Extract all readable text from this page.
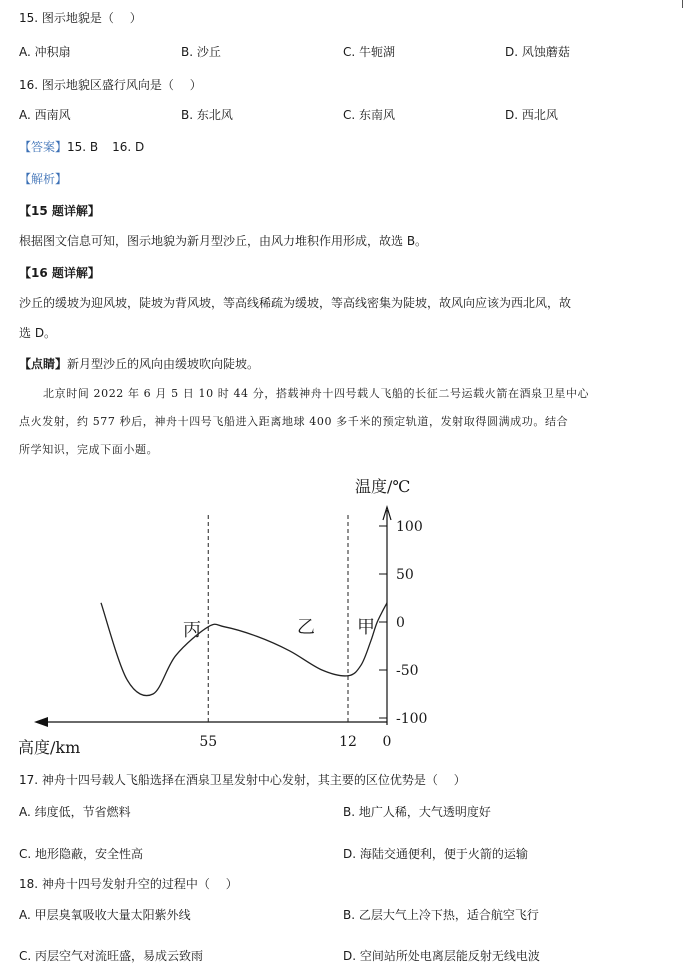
15. 图示地貌是（　 ）
A. 冲积扇	B. 沙丘	C. 牛轭湖	D. 风蚀蘑菇
16. 图示地貌区盛行风向是（　 ）
A. 西南风	B. 东北风	C. 东南风	D. 西北风
【答案】15. B 16. D
【解析】
【15 题详解】
根据图文信息可知，图示地貌为新月型沙丘，由风力堆积作用形成，故选 B。
【16 题详解】
沙丘的缓坡为迎风坡，陡坡为背风坡，等高线稀疏为缓坡，等高线密集为陡坡，故风向应该为西北风，故
选 D。
【点睛】新月型沙丘的风向由缓坡吹向陡坡。
北京时间 2022 年 6 月 5 日 10 时 44 分，搭载神舟十四号载人飞船的长征二号运载火箭在酒泉卫星中心
点火发射，约 577 秒后，神舟十四号飞船进入距离地球 400 多千米的预定轨道，发射取得圆满成功。结合
所学知识，完成下面小题。
100
50
0
-50
-100
55	12 0
温度/℃
高度/km
丙	乙 甲
17. 神舟十四号载人飞船选择在酒泉卫星发射中心发射，其主要的区位优势是（　 ）
A. 纬度低，节省燃料	B. 地广人稀，大气透明度好
C. 地形隐蔽，安全性高	D. 海陆交通便利，便于火箭的运输
18. 神舟十四号发射升空的过程中（　 ）
A. 甲层臭氧吸收大量太阳紫外线	B. 乙层大气上冷下热，适合航空飞行
C. 丙层空气对流旺盛，易成云致雨	D. 空间站所处电离层能反射无线电波
